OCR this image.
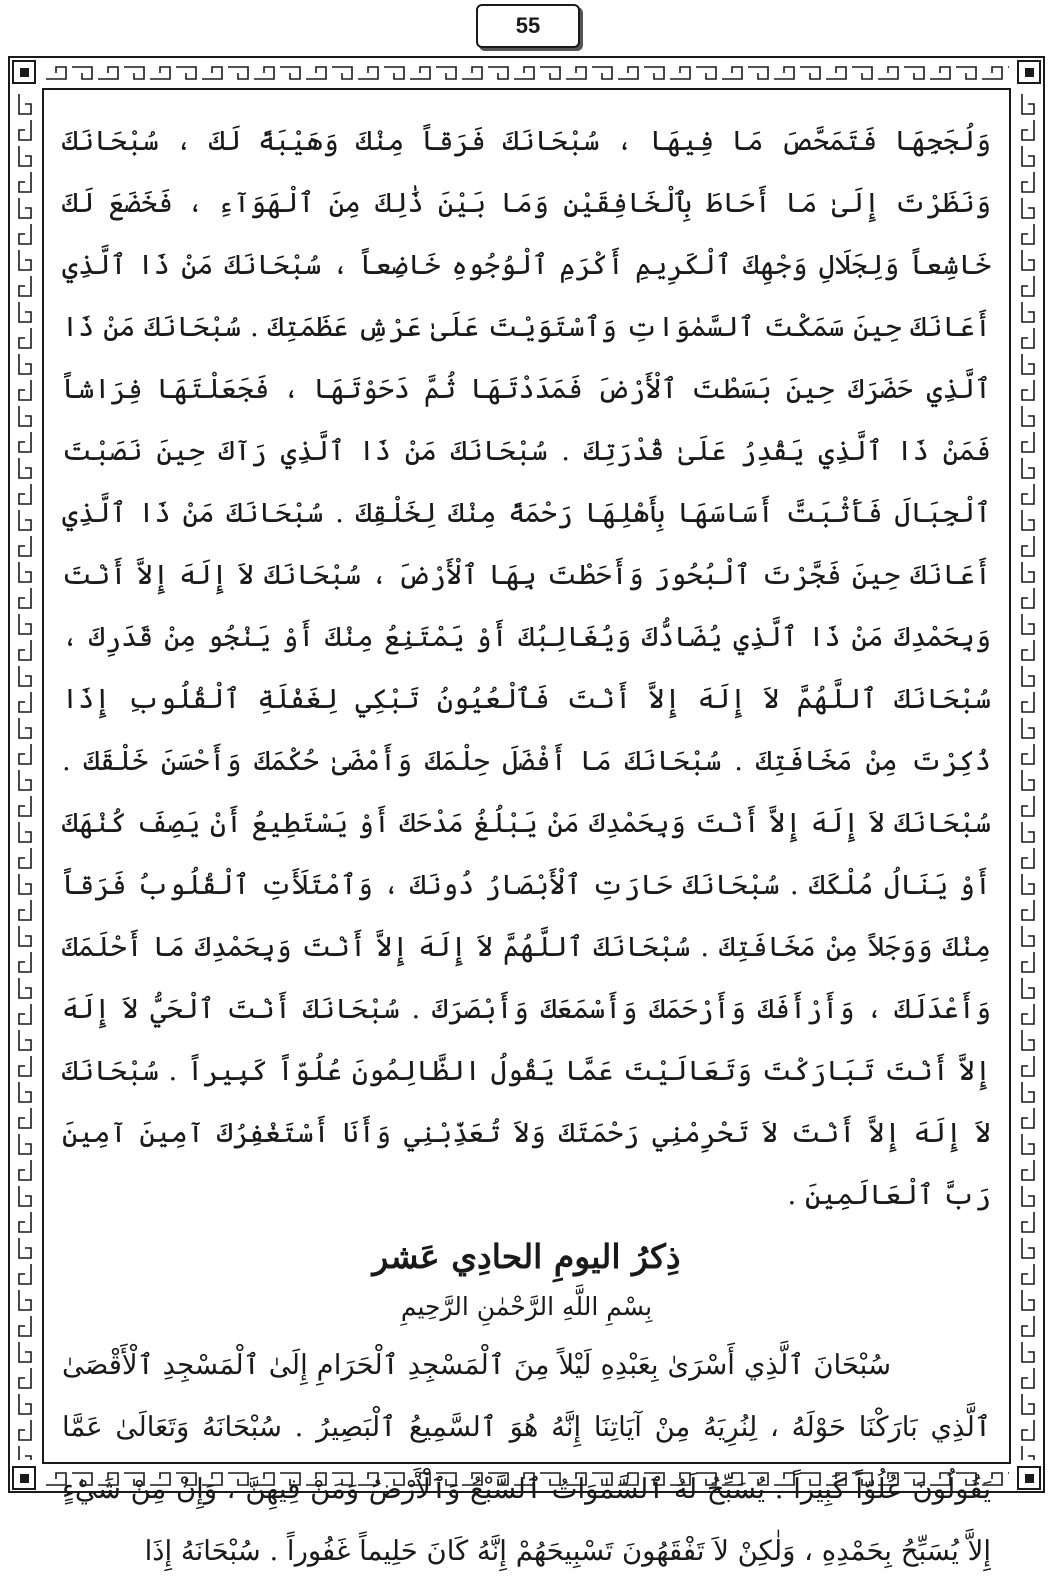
55

وَلُجَجِهَا فَتَمَحَّصَ مَا فِيهَا ، سُبْحَانَكَ فَرَقاً مِنْكَ وَهَيْبَةً لَكَ ، سُبْحَانَكَ وَنَظَرْتَ إِلَىٰ مَا أَحَاطَ بِٱلْخَافِقَيْنِ وَمَا بَيْنَ ذَٰلِكَ مِنَ ٱلْهَوَآءِ ، فَخَضَعَ لَكَ خَاشِعاً وَلِجَلَالِ وَجْهِكَ ٱلْكَرِيمِ أَكْرَمِ ٱلْوُجُوهِ خَاضِعاً ، سُبْحَانَكَ مَنْ ذَا ٱلَّذِي أَعَانَكَ حِينَ سَمَكْتَ ٱلسَّمٰوَاتِ وَٱسْتَوَيْتَ عَلَىٰ عَرْشِ عَظَمَتِكَ . سُبْحَانَكَ مَنْ ذَا ٱلَّذِي حَضَرَكَ حِينَ بَسَطْتَ ٱلْأَرْضَ فَمَدَدْتَهَا ثُمَّ دَحَوْتَهَا ، فَجَعَلْتَهَا فِرَاشاً فَمَنْ ذَا ٱلَّذِي يَقْدِرُ عَلَىٰ قُدْرَتِكَ . سُبْحَانَكَ مَنْ ذَا ٱلَّذِي رَآكَ حِينَ نَصَبْتَ ٱلْجِبَالَ فَأَثْبَتَّ أَسَاسَهَا بِأَهْلِهَا رَحْمَةً مِنْكَ لِخَلْقِكَ . سُبْحَانَكَ مَنْ ذَا ٱلَّذِي أَعَانَكَ حِينَ فَجَّرْتَ ٱلْبُحُورَ وَأَحَطْتَ بِهَا ٱلْأَرْضَ ، سُبْحَانَكَ لاَ إِلَهَ إِلاَّ أَنْتَ وَبِحَمْدِكَ مَنْ ذَا ٱلَّذِي يُضَادُّكَ وَيُغَالِبُكَ أَوْ يَمْتَنِعُ مِنْكَ أَوْ يَنْجُو مِنْ قَدَرِكَ ، سُبْحَانَكَ ٱللَّهُمَّ لاَ إِلَهَ إِلاَّ أَنْتَ فَٱلْعُيُونُ تَبْكِي لِغَفْلَةِ ٱلْقُلُوبِ إِذَا ذُكِرْتَ مِنْ مَخَافَتِكَ . سُبْحَانَكَ مَا أَفْضَلَ حِلْمَكَ وَأَمْضَىٰ حُكْمَكَ وَأَحْسَنَ خَلْقَكَ . سُبْحَانَكَ لاَ إِلَهَ إِلاَّ أَنْتَ وَبِحَمْدِكَ مَنْ يَبْلُغُ مَدْحَكَ أَوْ يَسْتَطِيعُ أَنْ يَصِفَ كُنْهَكَ أَوْ يَنَالُ مُلْكَكَ . سُبْحَانَكَ حَارَتِ ٱلْأَبْصَارُ دُونَكَ ، وَٱمْتَلَأَتِ ٱلْقُلُوبُ فَرَقاً مِنْكَ وَوَجَلاً مِنْ مَخَافَتِكَ . سُبْحَانَكَ ٱللَّهُمَّ لاَ إِلَهَ إِلاَّ أَنْتَ وَبِحَمْدِكَ مَا أَحْلَمَكَ وَأَعْدَلَكَ ، وَأَرْأَفَكَ وَأَرْحَمَكَ وَأَسْمَعَكَ وَأَبْصَرَكَ . سُبْحَانَكَ أَنْتَ ٱلْحَيُّ لاَ إِلَهَ إِلاَّ أَنْتَ تَبَارَكْتَ وَتَعَالَيْتَ عَمَّا يَقُولُ الظَّالِمُونَ عُلُوّاً كَبِيراً . سُبْحَانَكَ لاَ إِلَهَ إِلاَّ أَنْتَ لاَ تَحْرِمْنِي رَحْمَتَكَ وَلاَ تُعَذِّبْنِي وَأَنَا أَسْتَغْفِرُكَ آمِينَ آمِينَ رَبَّ ٱلْعَالَمِينَ .

ذِكرُ اليومِ الحادِي عَشر

بِسْمِ اللَّهِ الرَّحْمٰنِ الرَّحِيمِ

سُبْحَانَ ٱلَّذِي أَسْرَىٰ بِعَبْدِهِ لَيْلاً مِنَ ٱلْمَسْجِدِ ٱلْحَرَامِ إِلَىٰ ٱلْمَسْجِدِ ٱلْأَقْصَىٰ ٱلَّذِي بَارَكْنَا حَوْلَهُ ، لِنُرِيَهُ مِنْ آيَاتِنَا إِنَّهُ هُوَ ٱلسَّمِيعُ ٱلْبَصِيرُ . سُبْحَانَهُ وَتَعَالَىٰ عَمَّا يَقُولُونَ عُلُوّاً كَبِيراً . يُسَبِّحُ لَهُ ٱلسَّمٰوَاتُ ٱلسَّبْعُ وَٱلْأَرْضُ وَمَنْ فِيهِنَّ ، وَإِنْ مِنْ شَيْءٍ إِلاَّ يُسَبِّحُ بِحَمْدِهِ ، وَلٰكِنْ لاَ تَفْقَهُونَ تَسْبِيحَهُمْ إِنَّهُ كَانَ حَلِيماً غَفُوراً . سُبْحَانَهُ إِذَا
